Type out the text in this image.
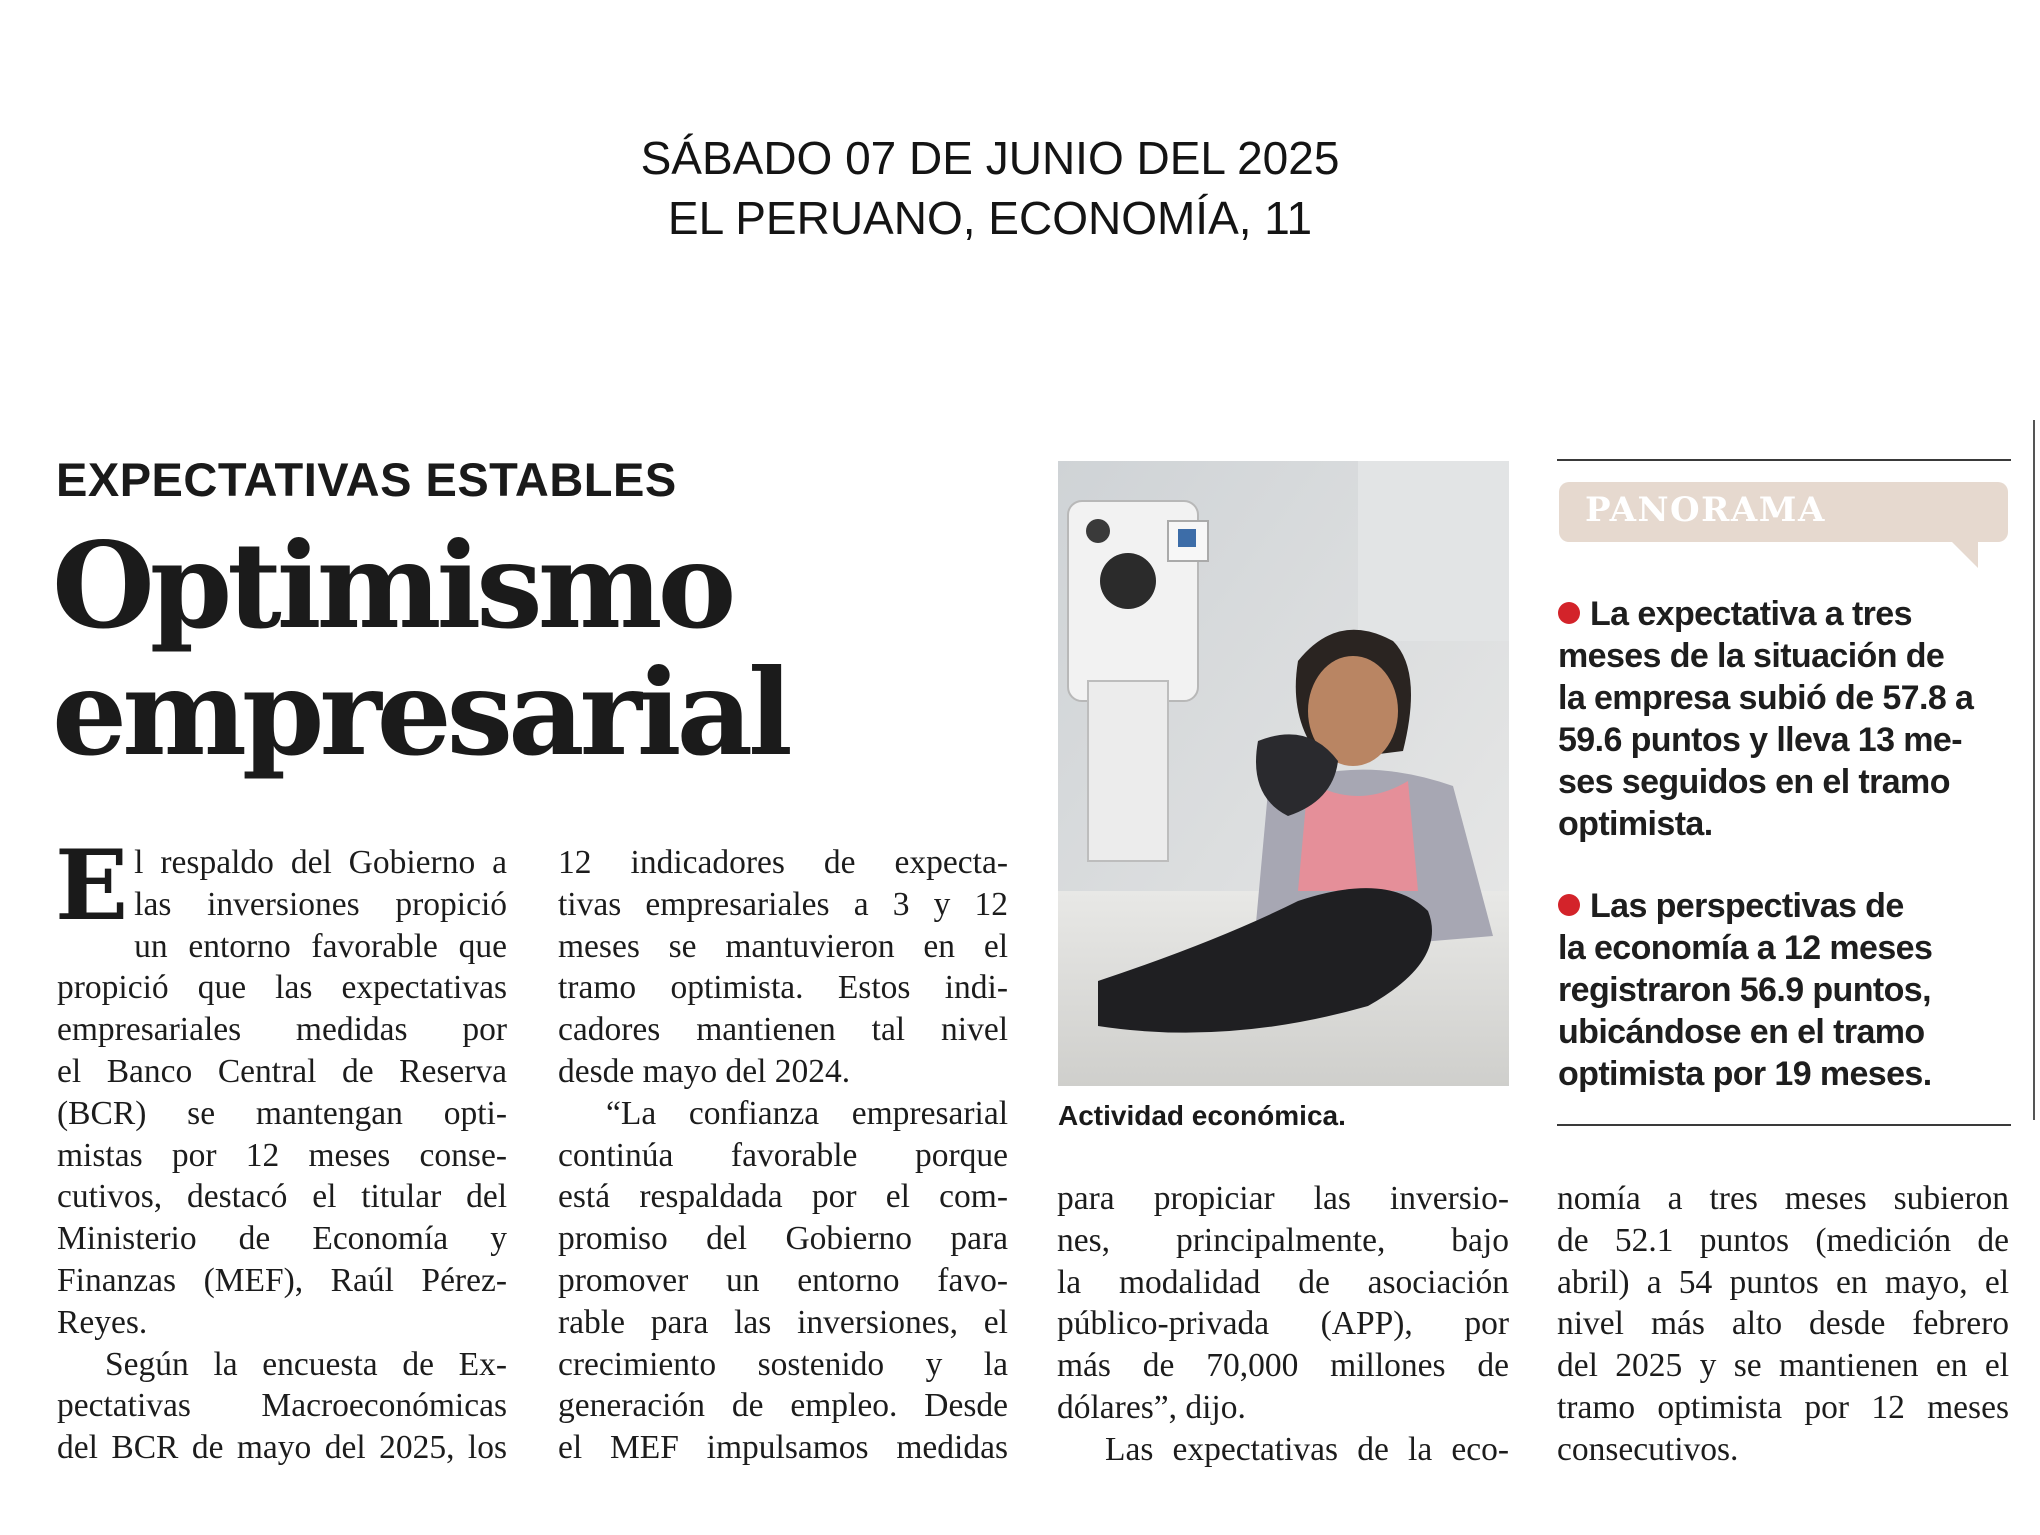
SÁBADO 07 DE JUNIO DEL 2025
EL PERUANO, ECONOMÍA, 11
EXPECTATIVAS ESTABLES
Optimismo
empresarial
E l respaldo del Gobierno a
las inversiones propició
un entorno favorable que
propició que las expectativas
empresariales medidas por
el Banco Central de Reserva
(BCR) se mantengan opti-
mistas por 12 meses conse-
cutivos, destacó el titular del
Ministerio de Economía y
Finanzas (MEF), Raúl Pérez-
Reyes.
Según la encuesta de Ex-
pectativas Macroeconómicas
del BCR de mayo del 2025, los
12 indicadores de expecta-
tivas empresariales a 3 y 12
meses se mantuvieron en el
tramo optimista. Estos indi-
cadores mantienen tal nivel
desde mayo del 2024.
“La confianza empresarial
continúa favorable porque
está respaldada por el com-
promiso del Gobierno para
promover un entorno favo-
rable para las inversiones, el
crecimiento sostenido y la
generación de empleo. Desde
el MEF impulsamos medidas
Actividad económica.
para propiciar las inversio-
nes, principalmente, bajo
la modalidad de asociación
público-privada (APP), por
más de 70,000 millones de
dólares”, dijo.
Las expectativas de la eco-
PANORAMA
La expectativa a tres
meses de la situación de
la empresa subió de 57.8 a
59.6 puntos y lleva 13 me-
ses seguidos en el tramo
optimista.
Las perspectivas de
la economía a 12 meses
registraron 56.9 puntos,
ubicándose en el tramo
optimista por 19 meses.
nomía a tres meses subieron
de 52.1 puntos (medición de
abril) a 54 puntos en mayo, el
nivel más alto desde febrero
del 2025 y se mantienen en el
tramo optimista por 12 meses
consecutivos.
